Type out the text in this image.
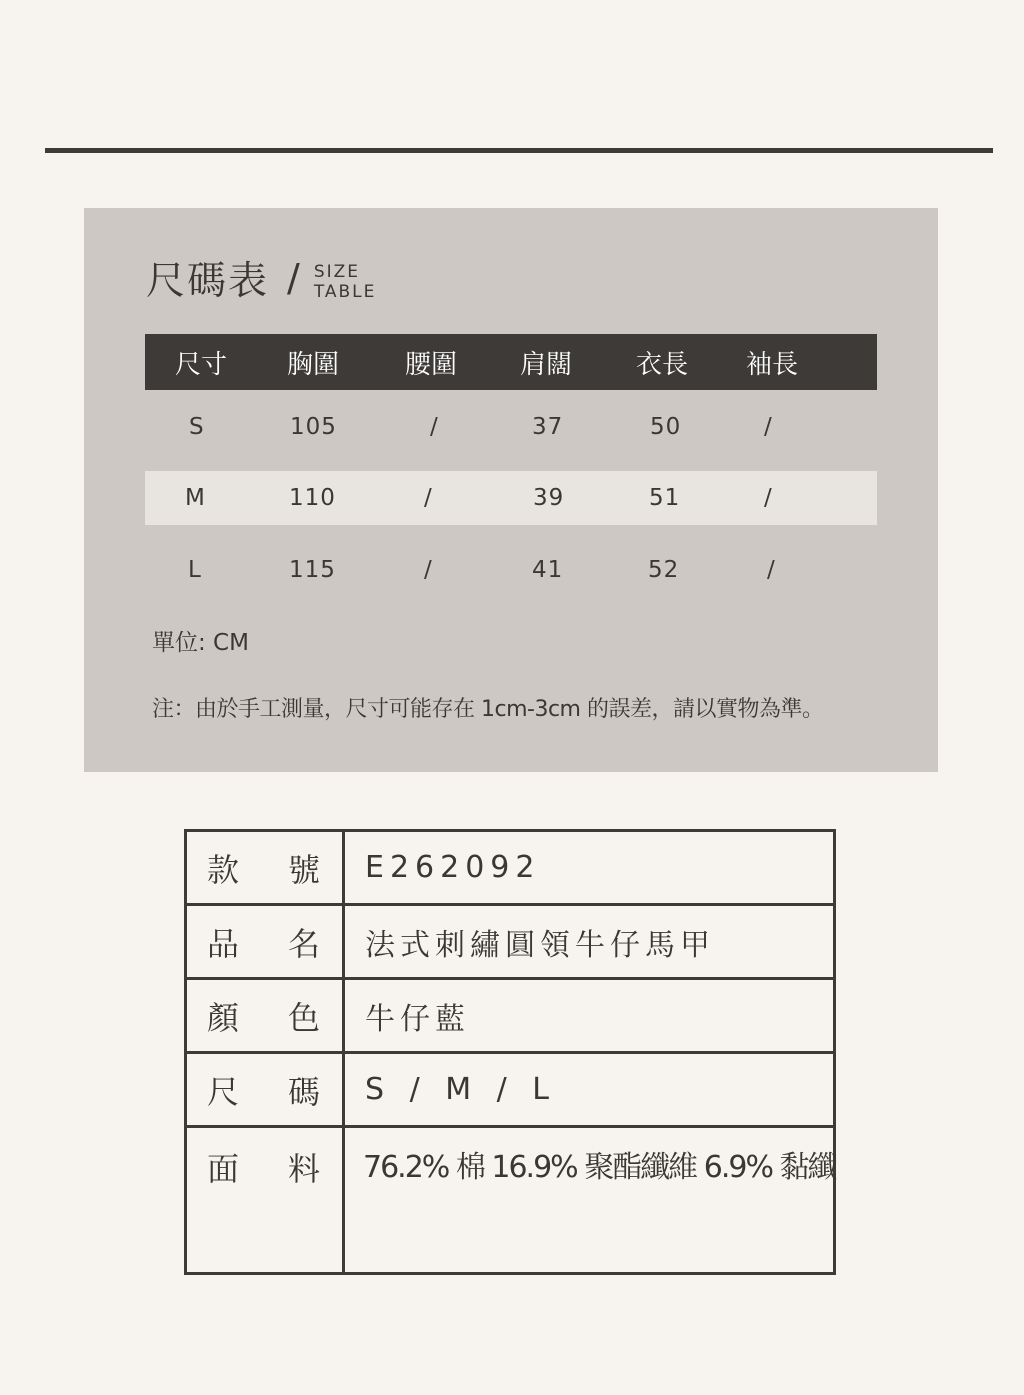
尺碼表 / SIZE
TABLE
尺寸 胸圍	腰圍 肩闊 衣長 袖長
S	105	/	37	50	/
M	110	/	39	51	/
L	115	/	41	52	/
單位: CM
注：由於手工測量，尺寸可能存在 1cm-3cm 的誤差，請以實物為準。
款 號 E262092
品 名 法式刺繡圓領牛仔馬甲
顏 色 牛仔藍
尺 碼 S / M / L
面 料 76.2% 棉 16.9% 聚酯纖維 6.9% 黏纖
